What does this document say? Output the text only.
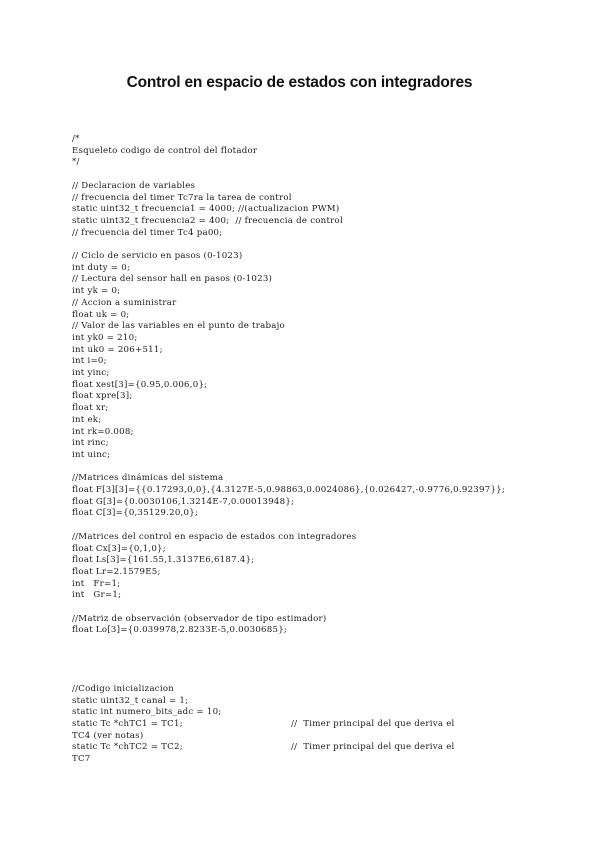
Control en espacio de estados con integradores
/*
Esqueleto codigo de control del flotador
*/
// Declaracion de variables
// frecuencia del timer Tc7ra la tarea de control
static uint32_t frecuencia1 = 4000; //(actualizacion PWM)
static uint32_t frecuencia2 = 400;  // frecuencia de control
// frecuencia del timer Tc4 pa00;
// Ciclo de servicio en pasos (0-1023)
int duty = 0;
// Lectura del sensor hall en pasos (0-1023)
int yk = 0;
// Accion a suministrar
float uk = 0;
// Valor de las variables en el punto de trabajo
int yk0 = 210;
int uk0 = 206+511;
int i=0;
int yinc;
float xest[3]={0.95,0.006,0};
float xpre[3];
float xr;
int ek;
int rk=0.008;
int rinc;
int uinc;
//Matrices dinámicas del sistema
float F[3][3]={{0.17293,0,0},{4.3127E-5,0.98863,0.0024086},{0.026427,-0.9776,0.92397}};
float G[3]={0.0030106,1.3214E-7,0.00013948};
float C[3]={0,35129.20,0};
//Matrices del control en espacio de estados con integradores
float Cx[3]={0,1,0};
float Ls[3]={161.55,1.3137E6,6187.4};
float Lr=2.1579E5;
int   Fr=1;
int   Gr=1;
//Matriz de observación (observador de tipo estimador)
float Lo[3]={0.039978,2.8233E-5,0.0030685};
//Codigo inicializacion
static uint32_t canal = 1;
static int numero_bits_adc = 10;
static Tc *chTC1 = TC1;	//  Timer principal del que deriva el
TC4 (ver notas)
static Tc *chTC2 = TC2;	//  Timer principal del que deriva el
TC7
